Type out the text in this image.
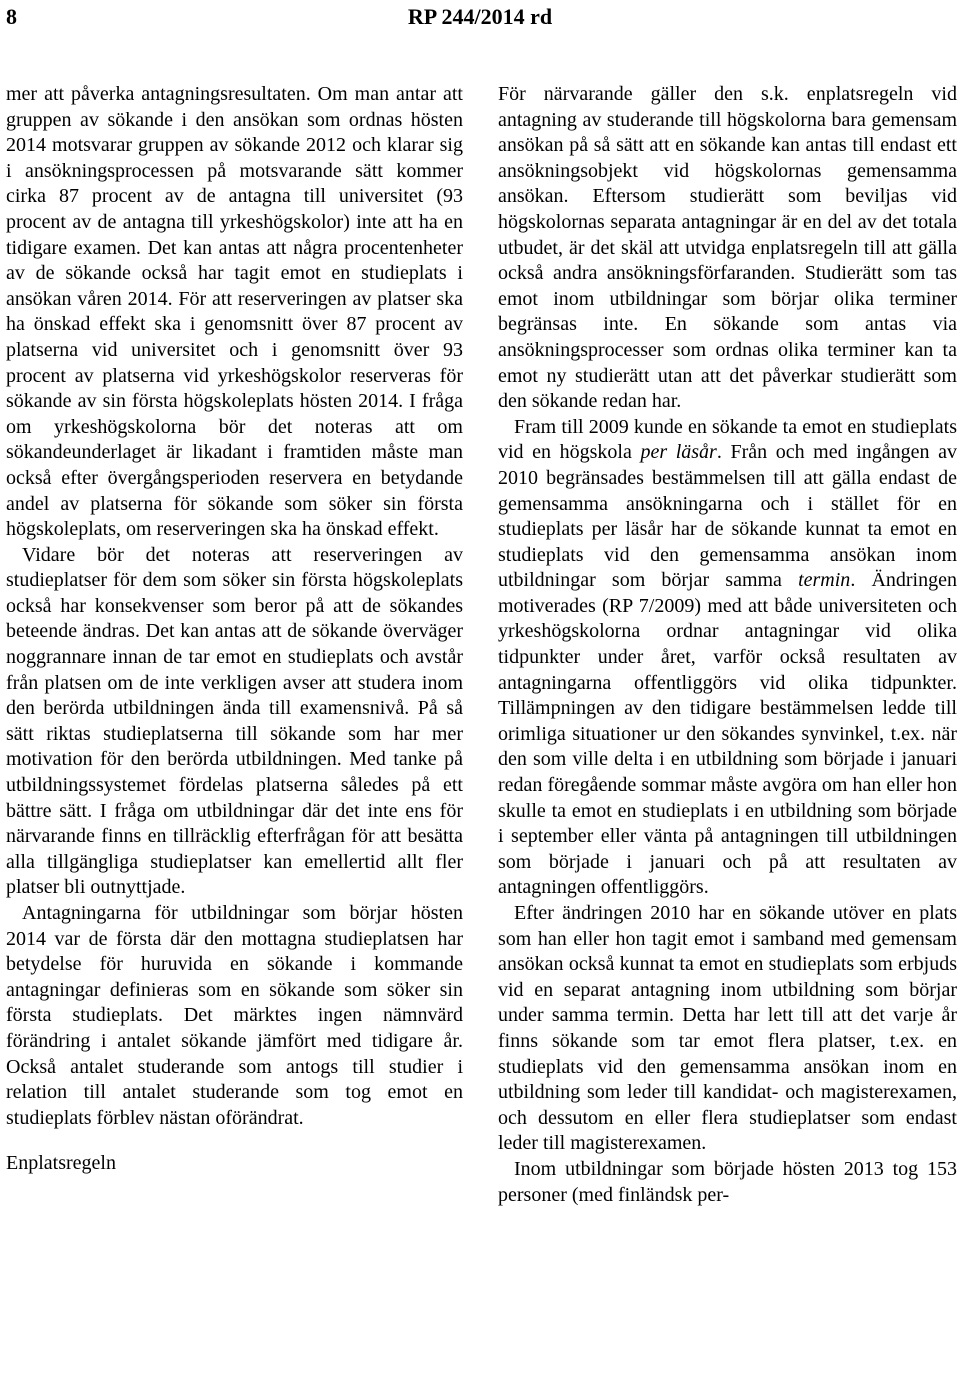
8	RP 244/2014 rd

mer att påverka antagningsresultaten. Om man antar att gruppen av sökande i den ansökan som ordnas hösten 2014 motsvarar gruppen av sökande 2012 och klarar sig i ansökningsprocessen på motsvarande sätt kommer cirka 87 procent av de antagna till universitet (93 procent av de antagna till yrkeshögskolor) inte att ha en tidigare examen. Det kan antas att några procentenheter av de sökande också har tagit emot en studieplats i ansökan våren 2014. För att reserveringen av platser ska ha önskad effekt ska i genomsnitt över 87 procent av platserna vid universitet och i genomsnitt över 93 procent av platserna vid yrkeshögskolor reserveras för sökande av sin första högskoleplats hösten 2014. I fråga om yrkeshögskolorna bör det noteras att om sökandeunderlaget är likadant i framtiden måste man också efter övergångsperioden reservera en betydande andel av platserna för sökande som söker sin första högskoleplats, om reserveringen ska ha önskad effekt.

Vidare bör det noteras att reserveringen av studieplatser för dem som söker sin första högskoleplats också har konsekvenser som beror på att de sökandes beteende ändras. Det kan antas att de sökande överväger noggrannare innan de tar emot en studieplats och avstår från platsen om de inte verkligen avser att studera inom den berörda utbildningen ända till examensnivå. På så sätt riktas studieplatserna till sökande som har mer motivation för den berörda utbildningen. Med tanke på utbildningssystemet fördelas platserna således på ett bättre sätt. I fråga om utbildningar där det inte ens för närvarande finns en tillräcklig efterfrågan för att besätta alla tillgängliga studieplatser kan emellertid allt fler platser bli outnyttjade.

Antagningarna för utbildningar som börjar hösten 2014 var de första där den mottagna studieplatsen har betydelse för huruvida en sökande i kommande antagningar definieras som en sökande som söker sin första studieplats. Det märktes ingen nämnvärd förändring i antalet sökande jämfört med tidigare år. Också antalet studerande som antogs till studier i relation till antalet studerande som tog emot en studieplats förblev nästan oförändrat.

Enplatsregeln

För närvarande gäller den s.k. enplatsregeln vid antagning av studerande till högskolorna bara gemensam ansökan på så sätt att en sökande kan antas till endast ett ansökningsobjekt vid högskolornas gemensamma ansökan. Eftersom studierätt som beviljas vid högskolornas separata antagningar är en del av det totala utbudet, är det skäl att utvidga enplatsregeln till att gälla också andra ansökningsförfaranden. Studierätt som tas emot inom utbildningar som börjar olika terminer begränsas inte. En sökande som antas via ansökningsprocesser som ordnas olika terminer kan ta emot ny studierätt utan att det påverkar studierätt som den sökande redan har.

Fram till 2009 kunde en sökande ta emot en studieplats vid en högskola per läsår. Från och med ingången av 2010 begränsades bestämmelsen till att gälla endast de gemensamma ansökningarna och i stället för en studieplats per läsår har de sökande kunnat ta emot en studieplats vid den gemensamma ansökan inom utbildningar som börjar samma termin. Ändringen motiverades (RP 7/2009) med att både universiteten och yrkeshögskolorna ordnar antagningar vid olika tidpunkter under året, varför också resultaten av antagningarna offentliggörs vid olika tidpunkter. Tillämpningen av den tidigare bestämmelsen ledde till orimliga situationer ur den sökandes synvinkel, t.ex. när den som ville delta i en utbildning som började i januari redan föregående sommar måste avgöra om han eller hon skulle ta emot en studieplats i en utbildning som började i september eller vänta på antagningen till utbildningen som började i januari och på att resultaten av antagningen offentliggörs.

Efter ändringen 2010 har en sökande utöver en plats som han eller hon tagit emot i samband med gemensam ansökan också kunnat ta emot en studieplats som erbjuds vid en separat antagning inom utbildning som börjar under samma termin. Detta har lett till att det varje år finns sökande som tar emot flera platser, t.ex. en studieplats vid den gemensamma ansökan inom en utbildning som leder till kandidat- och magisterexamen, och dessutom en eller flera studieplatser som endast leder till magisterexamen.

Inom utbildningar som började hösten 2013 tog 153 personer (med finländsk per-
